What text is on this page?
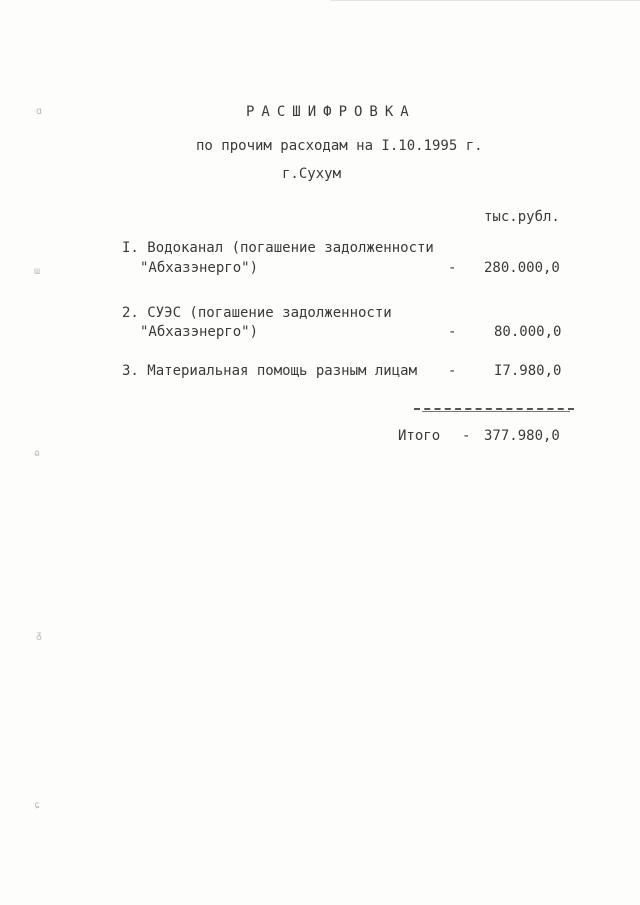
ɑ
ɯ
ɷ
ᵹ
ɕ
РАСШИФРОВКА
по прочим расходам на I.10.1995 г.
г.Сухум
тыс.рубл.
I. Водоканал (погашение задолженности
"Абхазэнерго")	- 280.000,0
2. СУЭС (погашение задолженности
"Абхазэнерго")	-	80.000,0
3. Материальная помощь разным лицам -	I7.980,0
Итого - 377.980,0
